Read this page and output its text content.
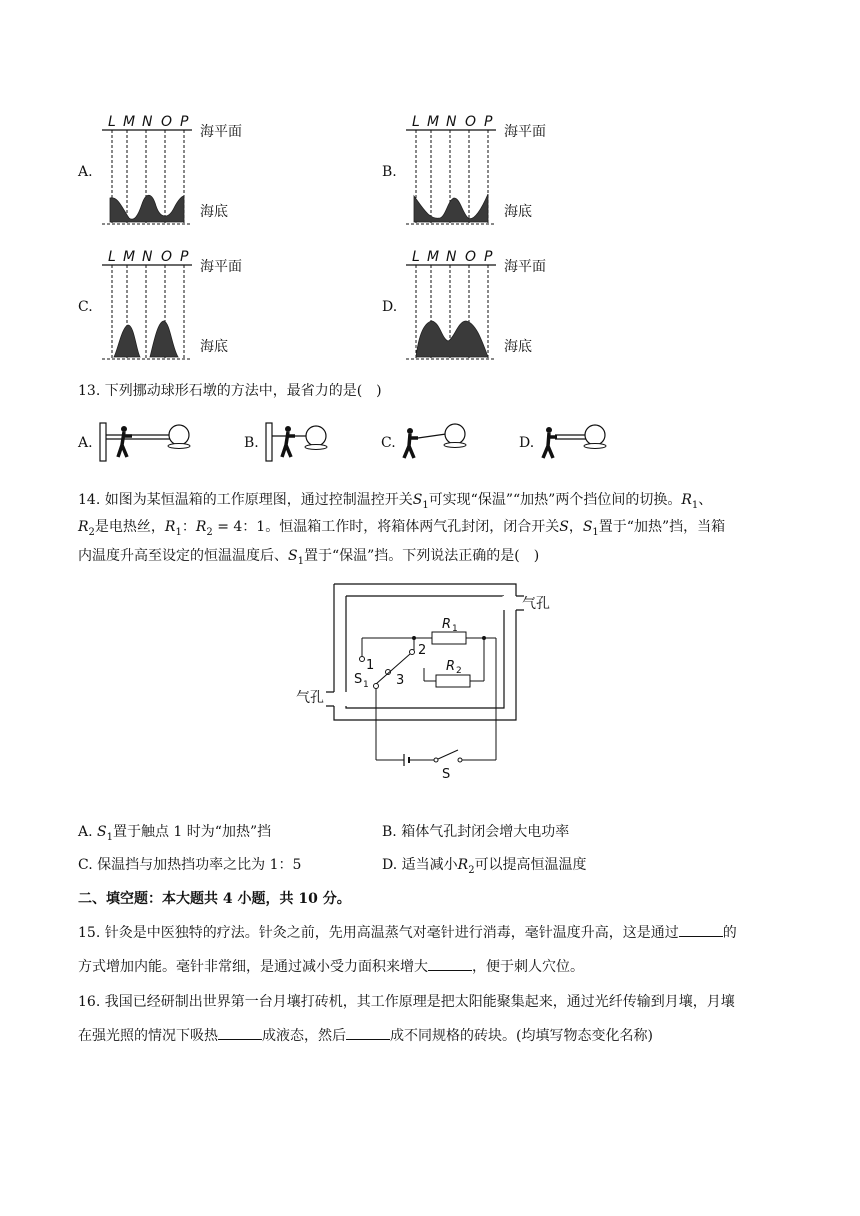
A.	B.
C.	D.
L M N O P
海平面
海底
L M N O P
海平面
海底
L M N O P
海平面
海底
L M N O P
海平面
海底
13. 下列挪动球形石墩的方法中，最省力的是( )
A.	B.	C.	D.
14. 如图为某恒温箱的工作原理图，通过控制温控开关$S_1$可实现“保温”“加热”两个挡位间的切换。$R_1$、
$R_2$是电热丝，$R_1$：$R_2 = 4$：1。恒温箱工作时，将箱体两气孔封闭，闭合开关S，$S_1$置于“加热”挡，当箱
内温度升高至设定的恒温温度后、$S_1$置于“保温”挡。下列说法正确的是( )
气孔
气孔
R 1
2
R 2
3
1
S 1
S
A. $S_1$置于触点 1 时为“加热”挡	B. 箱体气孔封闭会增大电功率
C. 保温挡与加热挡功率之比为 1：5	D. 适当减小$R_2$可以提高恒温温度
二、填空题：本大题共 4 小题，共 10 分。
15. 针灸是中医独特的疗法。针灸之前，先用高温蒸气对毫针进行消毒，毫针温度升高，这是通过	的
方式增加内能。毫针非常细，是通过减小受力面积来增大	，便于刺人穴位。
16. 我国已经研制出世界第一台月壤打砖机，其工作原理是把太阳能聚集起来，通过光纤传输到月壤，月壤
在强光照的情况下吸热	成液态，然后	成不同规格的砖块。(均填写物态变化名称)
